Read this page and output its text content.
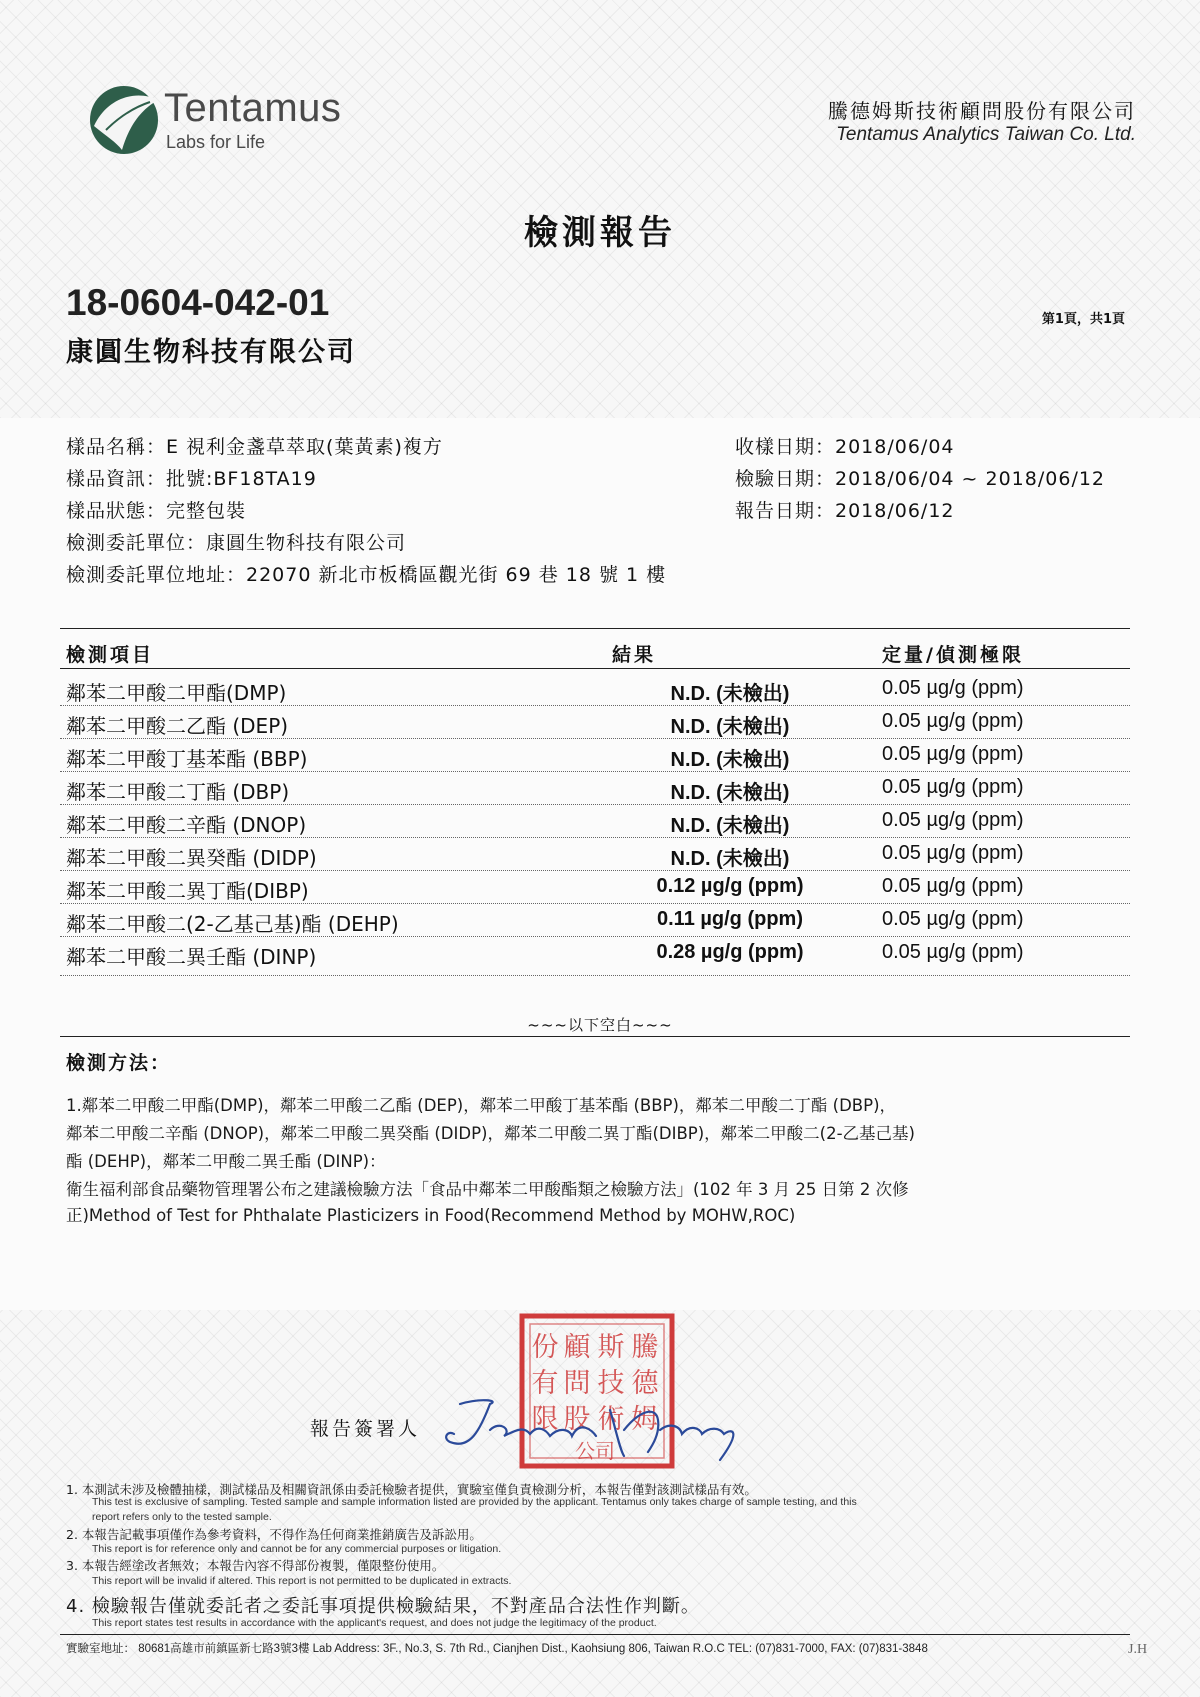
Tentamus
Labs for Life
騰德姆斯技術顧問股份有限公司
Tentamus Analytics Taiwan Co. Ltd.
檢測報告
18-0604-042-01
康圓生物科技有限公司
第1頁，共1頁
樣品名稱：E 視利金盞草萃取(葉黃素)複方
樣品資訊：批號:BF18TA19
樣品狀態：完整包裝
檢測委託單位：康圓生物科技有限公司
檢測委託單位地址：22070 新北市板橋區觀光街 69 巷 18 號 1 樓
收樣日期：2018/06/04
檢驗日期：2018/06/04 ~ 2018/06/12
報告日期：2018/06/12
檢測項目	結果	定量/偵測極限
鄰苯二甲酸二甲酯(DMP)	N.D. (未檢出)	0.05 µg/g (ppm)
鄰苯二甲酸二乙酯 (DEP)	N.D. (未檢出)	0.05 µg/g (ppm)
鄰苯二甲酸丁基苯酯 (BBP)	N.D. (未檢出)	0.05 µg/g (ppm)
鄰苯二甲酸二丁酯 (DBP)	N.D. (未檢出)	0.05 µg/g (ppm)
鄰苯二甲酸二辛酯 (DNOP)	N.D. (未檢出)	0.05 µg/g (ppm)
鄰苯二甲酸二異癸酯 (DIDP)	N.D. (未檢出)	0.05 µg/g (ppm)
鄰苯二甲酸二異丁酯(DIBP)	0.12 µg/g (ppm)	0.05 µg/g (ppm)
鄰苯二甲酸二(2-乙基己基)酯 (DEHP)	0.11 µg/g (ppm)	0.05 µg/g (ppm)
鄰苯二甲酸二異壬酯 (DINP)	0.28 µg/g (ppm)	0.05 µg/g (ppm)
~~~以下空白~~~
檢測方法：
1.鄰苯二甲酸二甲酯(DMP)，鄰苯二甲酸二乙酯 (DEP)，鄰苯二甲酸丁基苯酯 (BBP)，鄰苯二甲酸二丁酯 (DBP)，
鄰苯二甲酸二辛酯 (DNOP)，鄰苯二甲酸二異癸酯 (DIDP)，鄰苯二甲酸二異丁酯(DIBP)，鄰苯二甲酸二(2-乙基己基)
酯 (DEHP)，鄰苯二甲酸二異壬酯 (DINP)：
衛生福利部食品藥物管理署公布之建議檢驗方法「食品中鄰苯二甲酸酯類之檢驗方法」(102 年 3 月 25 日第 2 次修
正)Method of Test for Phthalate Plasticizers in Food(Recommend Method by MOHW,ROC)
騰
德
姆
斯
技
術
顧
問
股
份
有
限
公司
報告簽署人
1. 本測試未涉及檢體抽樣，測試樣品及相關資訊係由委託檢驗者提供，實驗室僅負責檢測分析，本報告僅對該測試樣品有效。
This test is exclusive of sampling. Tested sample and sample information listed are provided by the applicant. Tentamus only takes charge of sample testing, and this
report refers only to the tested sample.
2. 本報告記載事項僅作為參考資料，不得作為任何商業推銷廣告及訴訟用。
This report is for reference only and cannot be for any commercial purposes or litigation.
3. 本報告經塗改者無效；本報告內容不得部份複製，僅限整份使用。
This report will be invalid if altered. This report is not permitted to be duplicated in extracts.
4. 檢驗報告僅就委託者之委託事項提供檢驗結果，不對產品合法性作判斷。
This report states test results in accordance with the applicant's request, and does not judge the legitimacy of the product.
實驗室地址： 80681高雄市前鎮區新七路3號3樓 Lab Address: 3F., No.3, S. 7th Rd., Cianjhen Dist., Kaohsiung 806, Taiwan R.O.C TEL: (07)831-7000, FAX: (07)831-3848	J.H
